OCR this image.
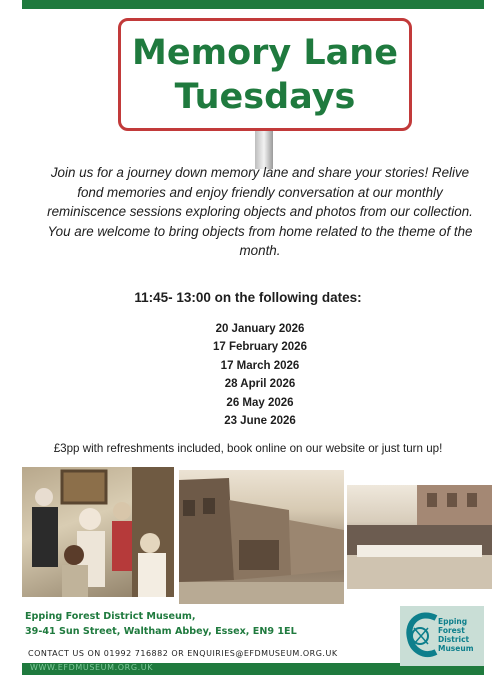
Memory Lane
Tuesdays

Join us for a journey down memory lane and share your stories! Relive fond memories and enjoy friendly conversation at our monthly reminiscence sessions exploring objects and photos from our collection.

You are welcome to bring objects from home related to the theme of the month.

11:45- 13:00 on the following dates:
20 January 2026
17 February 2026
17 March 2026
28 April 2026
26 May 2026
23 June 2026
£3pp with refreshments included, book online on our website or just turn up!
Epping Forest District Museum,
39-41 Sun Street, Waltham Abbey, Essex, EN9 1EL
CONTACT US ON 01992 716882 OR ENQUIRIES@EFDMUSEUM.ORG.UK
WWW.EFDMUSEUM.ORG.UK
Epping
Forest
District
Museum
